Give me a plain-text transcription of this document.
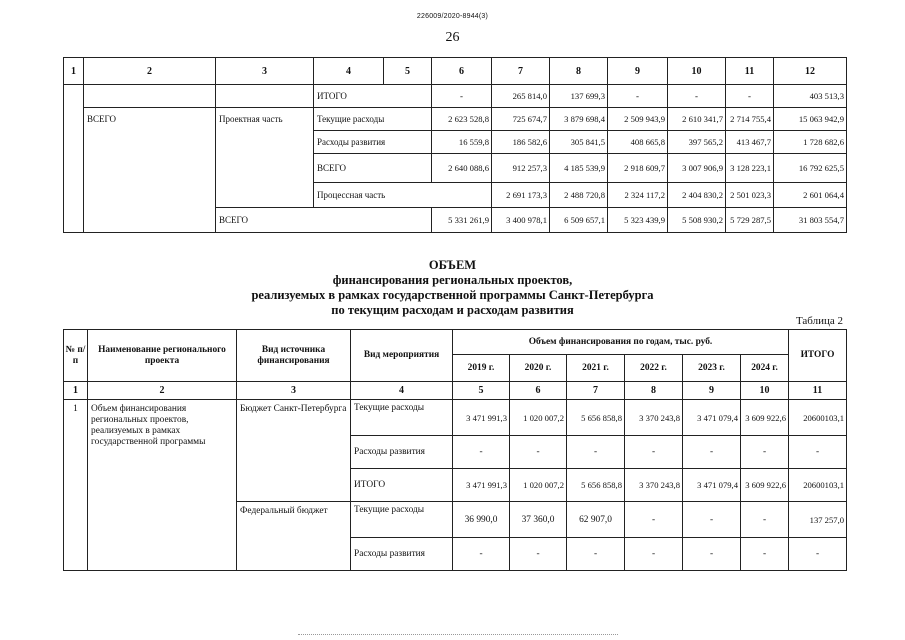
226009/2020-8944(3)
26
1	2	3	4	5	6	7	8	9	10	11	12	
			ИТОГО		-	265 814,0	137 699,3	-	-	-	403 513,3	
	ВСЕГО	Проектная часть	Текущие расходы		2 623 528,8	725 674,7	3 879 698,4	2 509 943,9	2 610 341,7	2 714 755,4	15 063 942,9	
			Расходы развития		16 559,8	186 582,6	305 841,5	408 665,8	397 565,2	413 467,7	1 728 682,6	
			ВСЕГО		2 640 088,6	912 257,3	4 185 539,9	2 918 609,7	3 007 906,9	3 128 223,1	16 792 625,5	
			Процессная часть			2 691 173,3	2 488 720,8	2 324 117,2	2 404 830,2	2 501 023,3	2 601 064,4	
		ВСЕГО			5 331 261,9	3 400 978,1	6 509 657,1	5 323 439,9	5 508 930,2	5 729 287,5	31 803 554,7	
ОБЪЕМ
финансирования региональных проектов,
реализуемых в рамках государственной программы Санкт-Петербурга
по текущим расходам и расходам развития
Таблица 2
№ п/п	Наименование регионального проекта	Вид источника финансирования	Вид мероприятия	Объем финансирования по годам, тыс. руб.						ИТОГО
				2019 г.	2020 г.	2021 г.	2022 г.	2023 г.	2024 г.	
1	2	3	4	5	6	7	8	9	10	11
1	Объем финансирования региональных проектов, реализуемых в рамках государственной программы	Бюджет Санкт-Петербурга	Текущие расходы	3 471 991,3	1 020 007,2	5 656 858,8	3 370 243,8	3 471 079,4	3 609 922,6	20600103,1
			Расходы развития	-	-	-	-	-	-	-
			ИТОГО	3 471 991,3	1 020 007,2	5 656 858,8	3 370 243,8	3 471 079,4	3 609 922,6	20600103,1
		Федеральный бюджет	Текущие расходы	36 990,0	37 360,0	62 907,0	-	-	-	137 257,0
			Расходы развития	-	-	-	-	-	-	-
